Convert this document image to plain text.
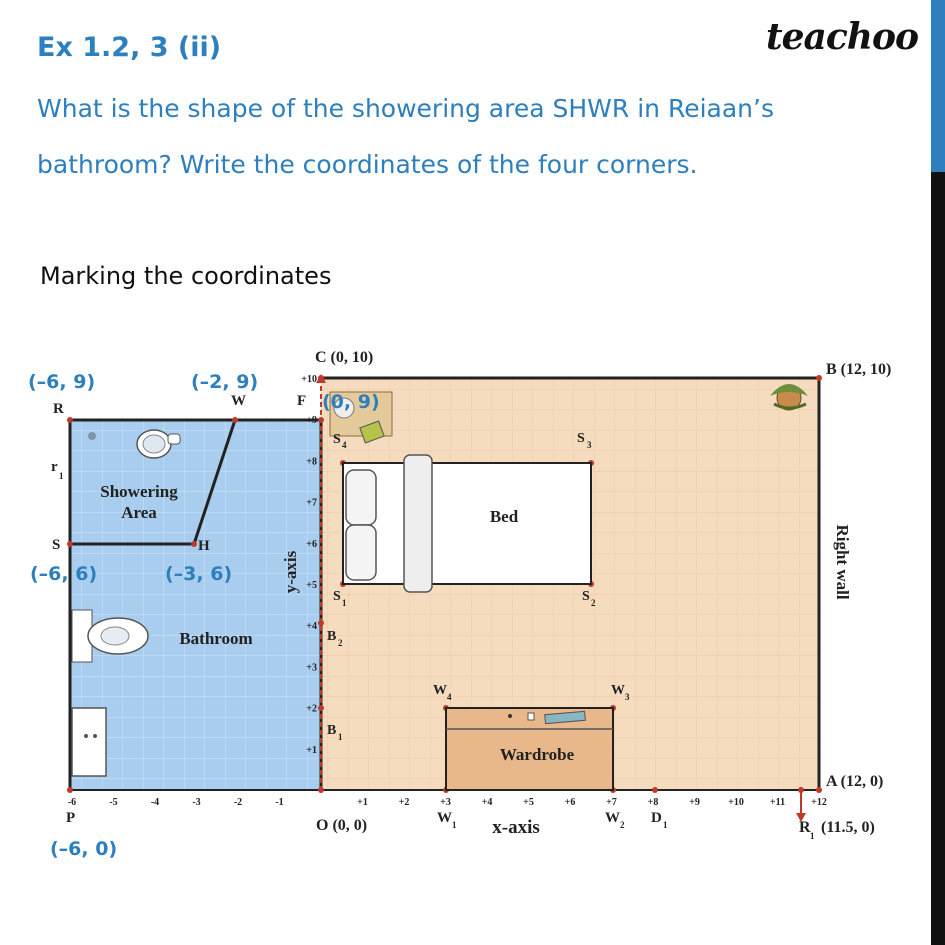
Ex 1.2, 3 (ii)	teachoo
What is the shape of the showering area SHWR in Reiaan’s
bathroom? Write the coordinates of the four corners.
Marking the coordinates
-6	-5	-4	-3	-2	-1	+1	+2	+3	+4	+5	+6	+7	+8	+9	+10	+11	+12
+1
+2
+3
+4
+5
+6
+7
+8
+9
+10
C (0, 10)
B (12, 10)
R	W	F
S	H
P	O (0, 0)
A (12, 0)
R 1 (11.5, 0)
r
1
S 4	S 3
S 1	S 2
B 2
B 1
W 4	W 3
W 1	W 2 D 1
Showering
Area
Bathroom
Bed
Wardrobe
x-axis
Right wall
y-axis
(–6, 9)	(–2, 9)
(0, 9)
(–6, 6)	(–3, 6)
(–6, 0)
